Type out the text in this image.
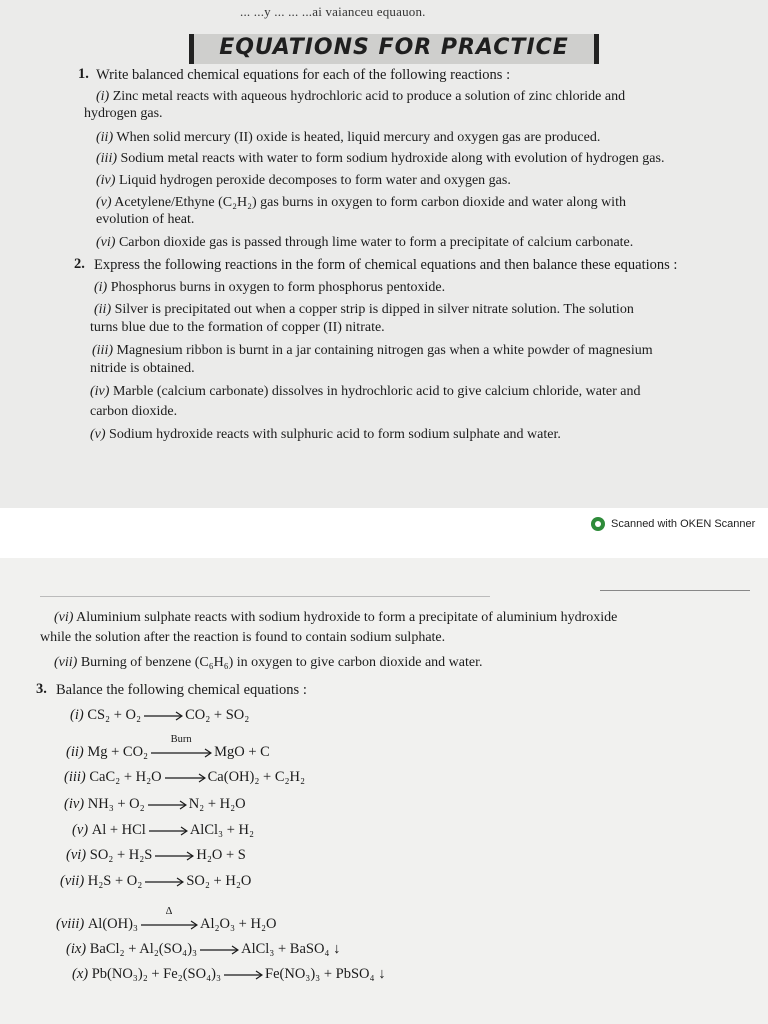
... ...y ... ... ...ai vaianceu equauon.
EQUATIONS FOR PRACTICE
1. Write balanced chemical equations for each of the following reactions :
(i) Zinc metal reacts with aqueous hydrochloric acid to produce a solution of zinc chloride and
hydrogen gas.
(ii) When solid mercury (II) oxide is heated, liquid mercury and oxygen gas are produced.
(iii) Sodium metal reacts with water to form sodium hydroxide along with evolution of hydrogen gas.
(iv) Liquid hydrogen peroxide decomposes to form water and oxygen gas.
(v) Acetylene/Ethyne (C₂H₂) gas burns in oxygen to form carbon dioxide and water along with
evolution of heat.
(vi) Carbon dioxide gas is passed through lime water to form a precipitate of calcium carbonate.
2. Express the following reactions in the form of chemical equations and then balance these equations :
(i) Phosphorus burns in oxygen to form phosphorus pentoxide.
(ii) Silver is precipitated out when a copper strip is dipped in silver nitrate solution. The solution
turns blue due to the formation of copper (II) nitrate.
(iii) Magnesium ribbon is burnt in a jar containing nitrogen gas when a white powder of magnesium
nitride is obtained.
(iv) Marble (calcium carbonate) dissolves in hydrochloric acid to give calcium chloride, water and
carbon dioxide.
(v) Sodium hydroxide reacts with sulphuric acid to form sodium sulphate and water.
Scanned with OKEN Scanner
(vi) Aluminium sulphate reacts with sodium hydroxide to form a precipitate of aluminium hydroxide
while the solution after the reaction is found to contain sodium sulphate.
(vii) Burning of benzene (C₆H₆) in oxygen to give carbon dioxide and water.
3. Balance the following chemical equations :
(i) CS₂ + O₂ → CO₂ + SO₂
(ii) Mg + CO₂
Burn
MgO + C
(iii) CaC₂ + H₂O → Ca(OH)₂ + C₂H₂
(iv) NH₃ + O₂ → N₂ + H₂O
(v) Al + HCl → AlCl₃ + H₂
(vi) SO₂ + H₂S → H₂O + S
(vii) H₂S + O₂ → SO₂ + H₂O
(viii) Al(OH)₃
Δ
Al₂O₃ + H₂O
(ix) BaCl₂ + Al₂(SO₄)₃ → AlCl₃ + BaSO₄ ↓
(x) Pb(NO₃)₂ + Fe₂(SO₄)₃ → Fe(NO₃)₃ + PbSO₄ ↓
